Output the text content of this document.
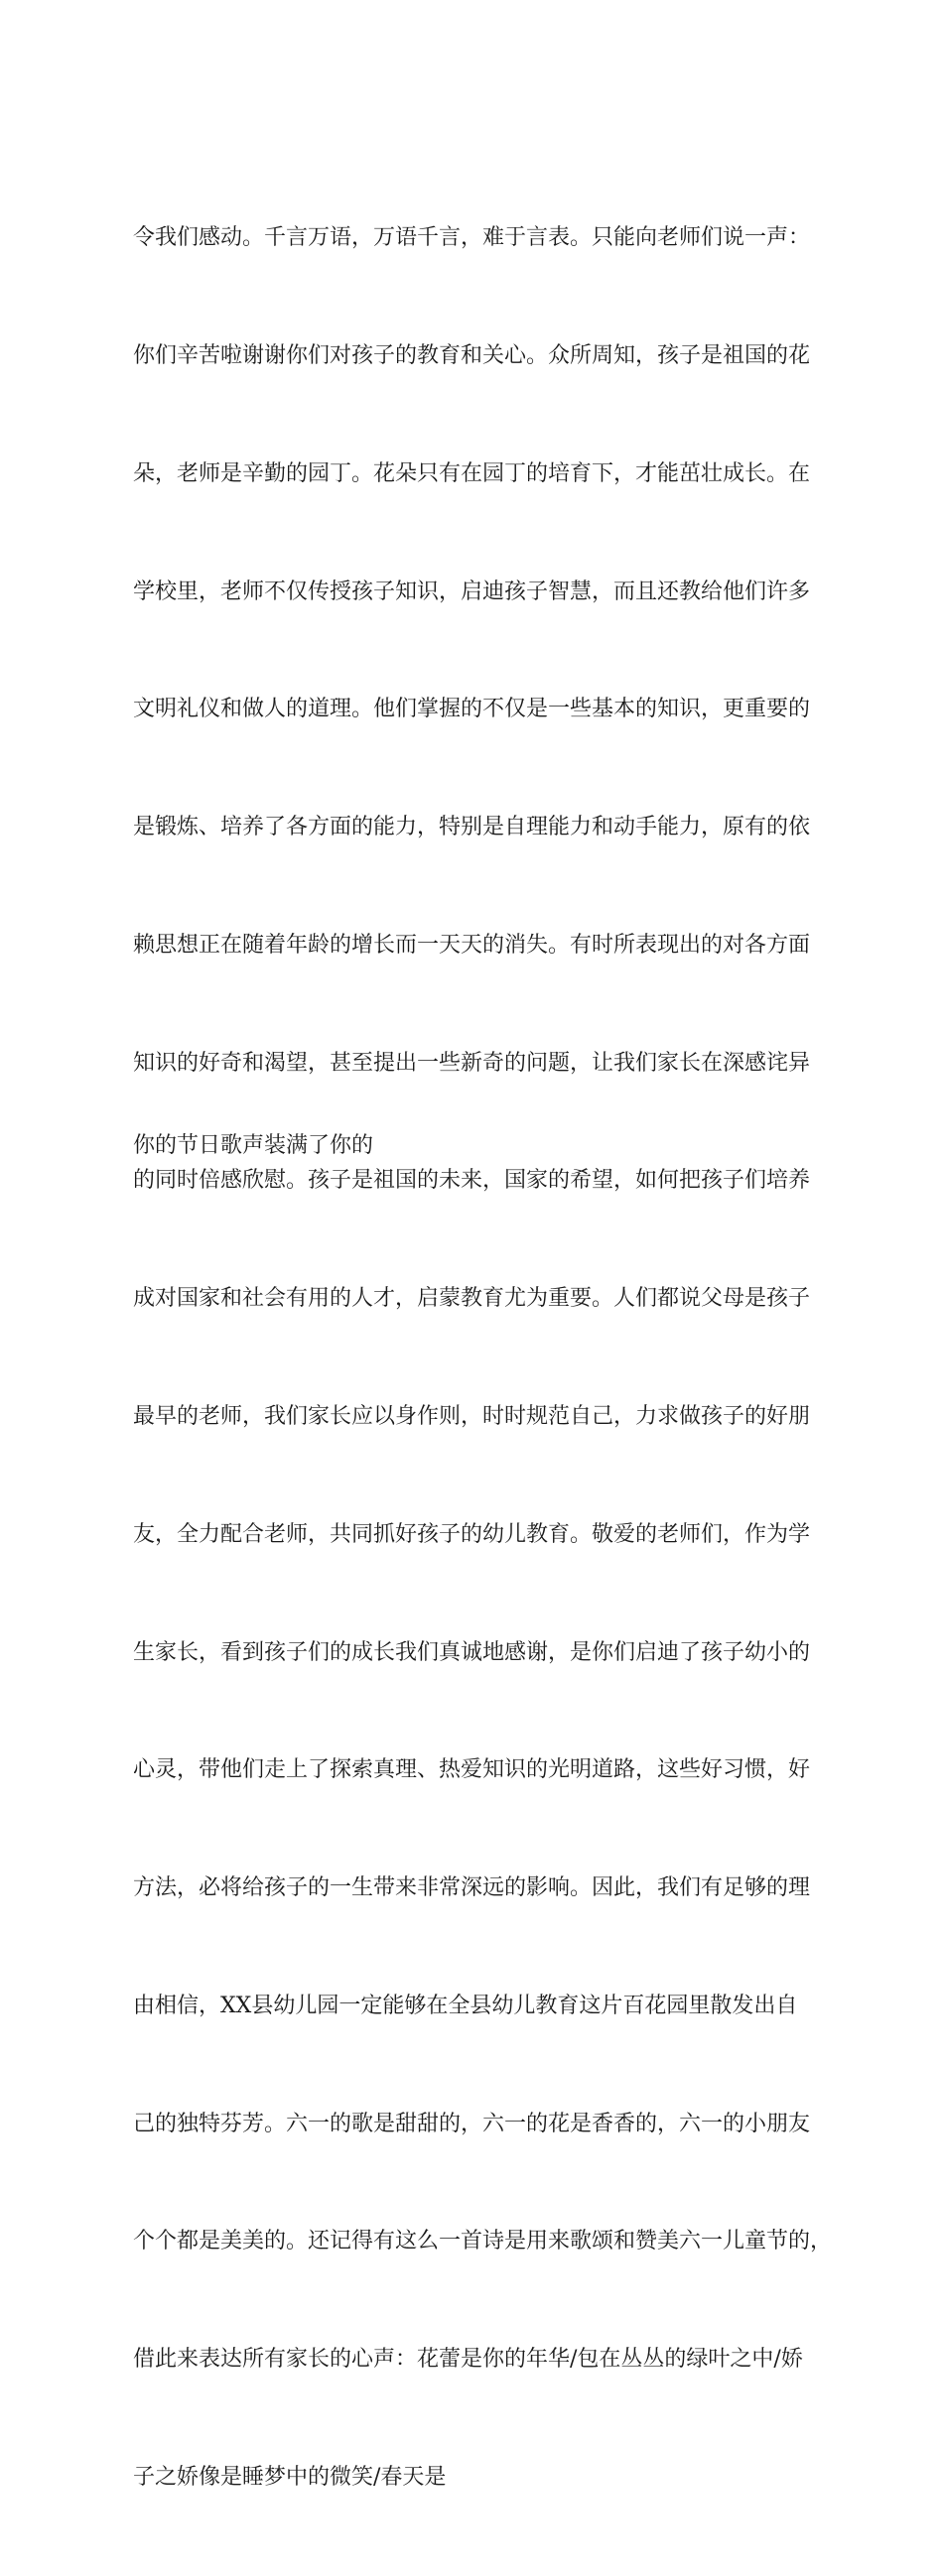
令我们感动。千言万语，万语千言，难于言表。只能向老师们说一声：

你们辛苦啦谢谢你们对孩子的教育和关心。众所周知，孩子是祖国的花

朵，老师是辛勤的园丁。花朵只有在园丁的培育下，才能茁壮成长。在

学校里，老师不仅传授孩子知识，启迪孩子智慧，而且还教给他们许多

文明礼仪和做人的道理。他们掌握的不仅是一些基本的知识，更重要的

是锻炼、培养了各方面的能力，特别是自理能力和动手能力，原有的依

赖思想正在随着年龄的增长而一天天的消失。有时所表现出的对各方面

知识的好奇和渴望，甚至提出一些新奇的问题，让我们家长在深感诧异

的同时倍感欣慰。孩子是祖国的未来，国家的希望，如何把孩子们培养

成对国家和社会有用的人才，启蒙教育尤为重要。人们都说父母是孩子

最早的老师，我们家长应以身作则，时时规范自己，力求做孩子的好朋

友，全力配合老师，共同抓好孩子的幼儿教育。敬爱的老师们，作为学

生家长，看到孩子们的成长我们真诚地感谢，是你们启迪了孩子幼小的

心灵，带他们走上了探索真理、热爱知识的光明道路，这些好习惯，好

方法，必将给孩子的一生带来非常深远的影响。因此，我们有足够的理

由相信，XX县幼儿园一定能够在全县幼儿教育这片百花园里散发出自

己的独特芬芳。六一的歌是甜甜的，六一的花是香香的，六一的小朋友

个个都是美美的。还记得有这么一首诗是用来歌颂和赞美六一儿童节的，

借此来表达所有家长的心声：花蕾是你的年华/包在丛丛的绿叶之中/娇

子之娇像是睡梦中的微笑/春天是

你的节日歌声装满了你的
